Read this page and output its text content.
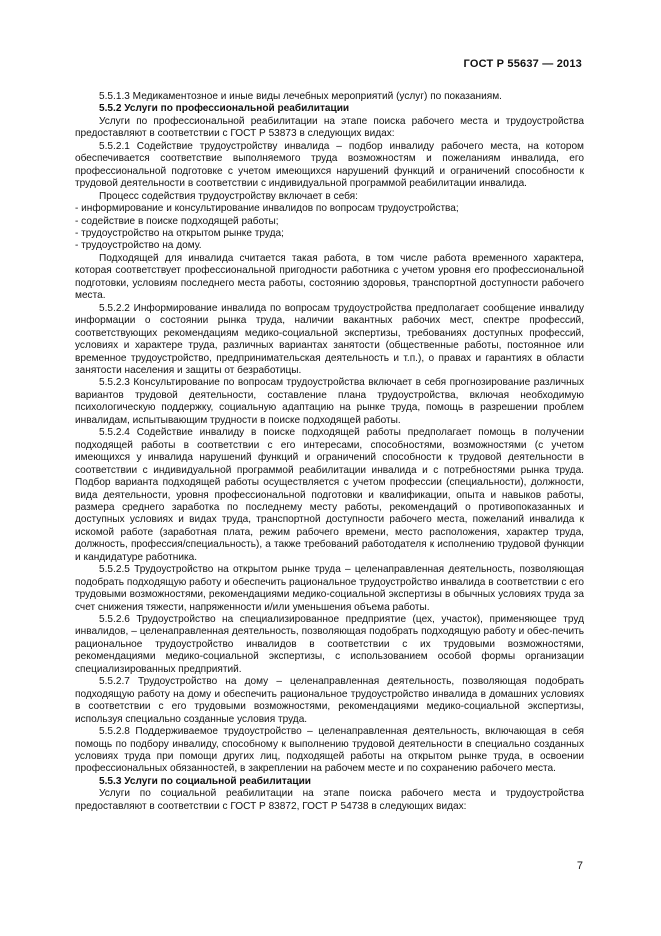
ГОСТ Р 55637 — 2013

5.5.1.3 Медикаментозное и иные виды лечебных мероприятий (услуг) по показаниям.

5.5.2 Услуги по профессиональной реабилитации

Услуги по профессиональной реабилитации на этапе поиска рабочего места и трудоустройства предоставляют в соответствии с ГОСТ Р 53873 в следующих видах:

5.5.2.1 Содействие трудоустройству инвалида – подбор инвалиду рабочего места, на котором обеспечивается соответствие выполняемого труда возможностям и пожеланиям инвалида, его профессиональной подготовке с учетом имеющихся нарушений функций и ограничений способности к трудовой деятельности в соответствии с индивидуальной программой реабилитации инвалида.

Процесс содействия трудоустройству включает в себя:

- информирование и консультирование инвалидов по вопросам трудоустройства;

- содействие в поиске подходящей работы;

- трудоустройство на открытом рынке труда;

- трудоустройство на дому.

Подходящей для инвалида считается такая работа, в том числе работа временного характера, которая соответствует профессиональной пригодности работника с учетом уровня его профессиональной подготовки, условиям последнего места работы, состоянию здоровья, транспортной доступности рабочего места.

5.5.2.2 Информирование инвалида по вопросам трудоустройства предполагает сообщение инвалиду информации о состоянии рынка труда, наличии вакантных рабочих мест, спектре профессий, соответствующих рекомендациям медико-социальной экспертизы, требованиях доступных профессий, условиях и характере труда, различных вариантах занятости (общественные работы, постоянное или временное трудоустройство, предпринимательская деятельность и т.п.), о правах и гарантиях в области занятости населения и защиты от безработицы.

5.5.2.3 Консультирование по вопросам трудоустройства включает в себя прогнозирование различных вариантов трудовой деятельности, составление плана трудоустройства, включая необходимую психологическую поддержку, социальную адаптацию на рынке труда, помощь в разрешении проблем инвалидам, испытывающим трудности в поиске подходящей работы.

5.5.2.4 Содействие инвалиду в поиске подходящей работы предполагает помощь в получении подходящей работы в соответствии с его интересами, способностями, возможностями (с учетом имеющихся у инвалида нарушений функций и ограничений способности к трудовой деятельности в соответствии с индивидуальной программой реабилитации инвалида и с потребностями рынка труда. Подбор варианта подходящей работы осуществляется с учетом профессии (специальности), должности, вида деятельности, уровня профессиональной подготовки и квалификации, опыта и навыков работы, размера среднего заработка по последнему месту работы, рекомендаций о противопоказанных и доступных условиях и видах труда, транспортной доступности рабочего места, пожеланий инвалида к искомой работе (заработная плата, режим рабочего времени, место расположения, характер труда, должность, профессия/специальность), а также требований работодателя к исполнению трудовой функции и кандидатуре работника.

5.5.2.5 Трудоустройство на открытом рынке труда – целенаправленная деятельность, позволяющая подобрать подходящую работу и обеспечить рациональное трудоустройство инвалида в соответствии с его трудовыми возможностями, рекомендациями медико-социальной экспертизы в обычных условиях труда за счет снижения тяжести, напряженности и/или уменьшения объема работы.

5.5.2.6 Трудоустройство на специализированное предприятие (цех, участок), применяющее труд инвалидов, – целенаправленная деятельность, позволяющая подобрать подходящую работу и обес-печить рациональное трудоустройство инвалидов в соответствии с их трудовыми возможностями, рекомендациями медико-социальной экспертизы, с использованием особой формы организации специализированных предприятий.

5.5.2.7 Трудоустройство на дому – целенаправленная деятельность, позволяющая подобрать подходящую работу на дому и обеспечить рациональное трудоустройство инвалида в домашних условиях в соответствии с его трудовыми возможностями, рекомендациями медико-социальной экспертизы, используя специально созданные условия труда.

5.5.2.8 Поддерживаемое трудоустройство – целенаправленная деятельность, включающая в себя помощь по подбору инвалиду, способному к выполнению трудовой деятельности в специально созданных условиях труда при помощи других лиц, подходящей работы на открытом рынке труда, в освоении профессиональных обязанностей, в закреплении на рабочем месте и по сохранению рабочего места.

5.5.3 Услуги по социальной реабилитации

Услуги по социальной реабилитации на этапе поиска рабочего места и трудоустройства предоставляют в соответствии с ГОСТ Р 83872, ГОСТ Р 54738 в следующих видах:

7
